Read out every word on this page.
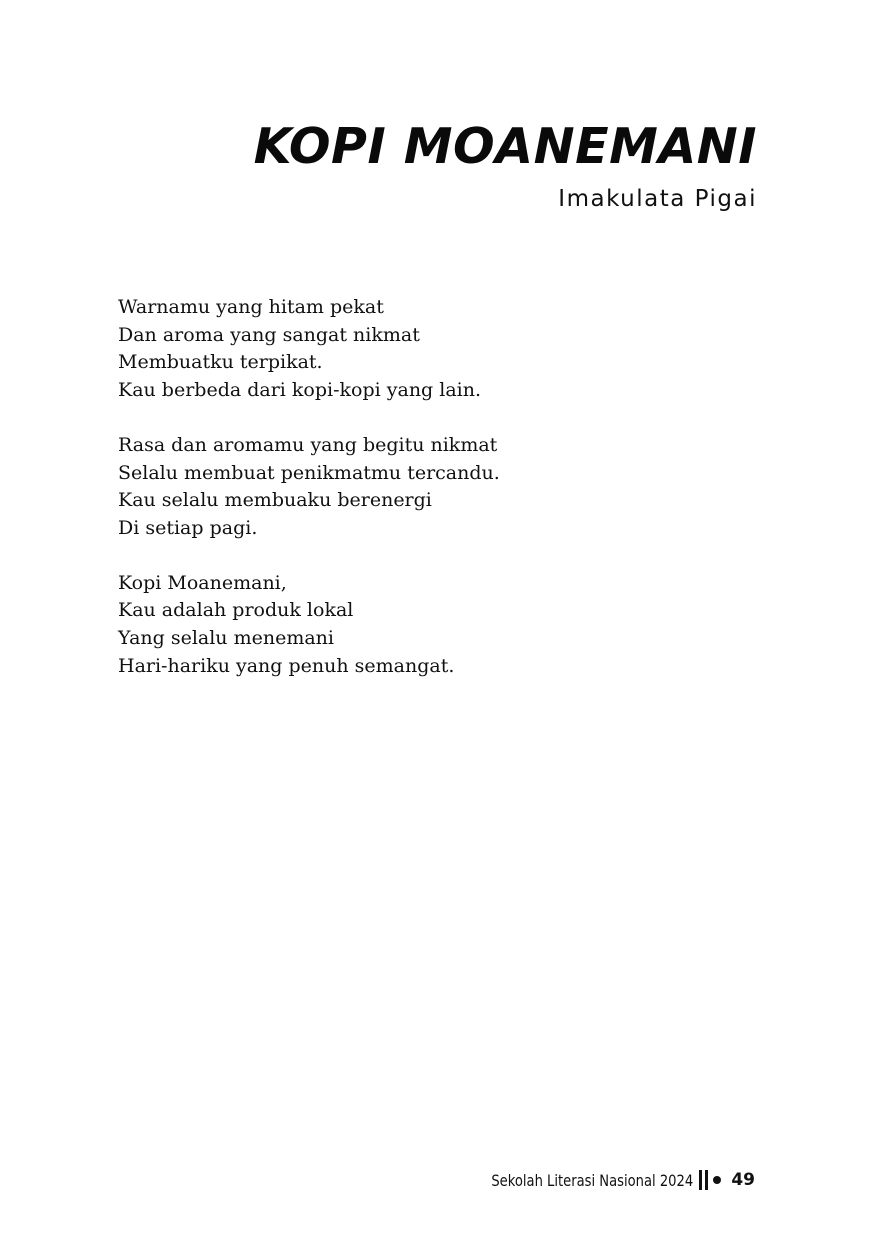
KOPI MOANEMANI
Imakulata Pigai
Warnamu yang hitam pekat
Dan aroma yang sangat nikmat
Membuatku terpikat.
Kau berbeda dari kopi-kopi yang lain.
Rasa dan aromamu yang begitu nikmat
Selalu membuat penikmatmu tercandu.
Kau selalu membuaku berenergi
Di setiap pagi.
Kopi Moanemani,
Kau adalah produk lokal
Yang selalu menemani
Hari-hariku yang penuh semangat.
Sekolah Literasi Nasional 2024 49
